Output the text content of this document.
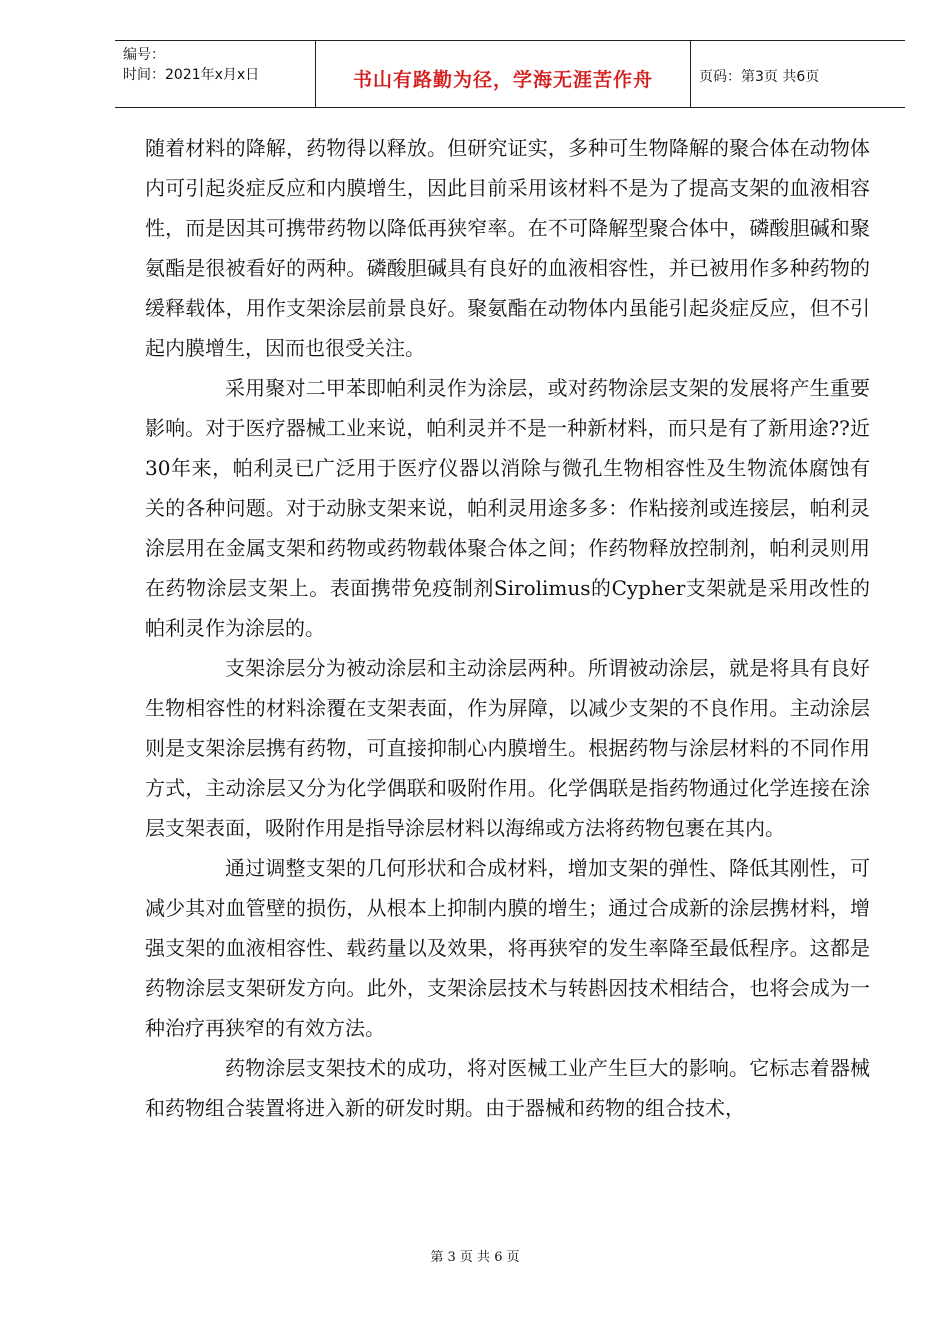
编号：
时间：2021年x月x日	书山有路勤为径，学海无涯苦作舟	页码：第3页 共6页

随着材料的降解，药物得以释放。但研究证实，多种可生物降解的聚合体在动物体内可引起炎症反应和内膜增生，因此目前采用该材料不是为了提高支架的血液相容性，而是因其可携带药物以降低再狭窄率。在不可降解型聚合体中，磷酸胆碱和聚氨酯是很被看好的两种。磷酸胆碱具有良好的血液相容性，并已被用作多种药物的缓释载体，用作支架涂层前景良好。聚氨酯在动物体内虽能引起炎症反应，但不引起内膜增生，因而也很受关注。

采用聚对二甲苯即帕利灵作为涂层，或对药物涂层支架的发展将产生重要影响。对于医疗器械工业来说，帕利灵并不是一种新材料，而只是有了新用途??近30年来，帕利灵已广泛用于医疗仪器以消除与微孔生物相容性及生物流体腐蚀有关的各种问题。对于动脉支架来说，帕利灵用途多多：作粘接剂或连接层，帕利灵涂层用在金属支架和药物或药物载体聚合体之间；作药物释放控制剂，帕利灵则用在药物涂层支架上。表面携带免疫制剂Sirolimus的Cypher支架就是采用改性的帕利灵作为涂层的。

支架涂层分为被动涂层和主动涂层两种。所谓被动涂层，就是将具有良好生物相容性的材料涂覆在支架表面，作为屏障，以减少支架的不良作用。主动涂层则是支架涂层携有药物，可直接抑制心内膜增生。根据药物与涂层材料的不同作用方式，主动涂层又分为化学偶联和吸附作用。化学偶联是指药物通过化学连接在涂层支架表面，吸附作用是指导涂层材料以海绵或方法将药物包裹在其内。

通过调整支架的几何形状和合成材料，增加支架的弹性、降低其刚性，可减少其对血管壁的损伤，从根本上抑制内膜的增生；通过合成新的涂层携材料，增强支架的血液相容性、载药量以及效果，将再狭窄的发生率降至最低程序。这都是药物涂层支架研发方向。此外，支架涂层技术与转斟因技术相结合，也将会成为一种治疗再狭窄的有效方法。

药物涂层支架技术的成功，将对医械工业产生巨大的影响。它标志着器械和药物组合装置将进入新的研发时期。由于器械和药物的组合技术，

第 3 页 共 6 页
